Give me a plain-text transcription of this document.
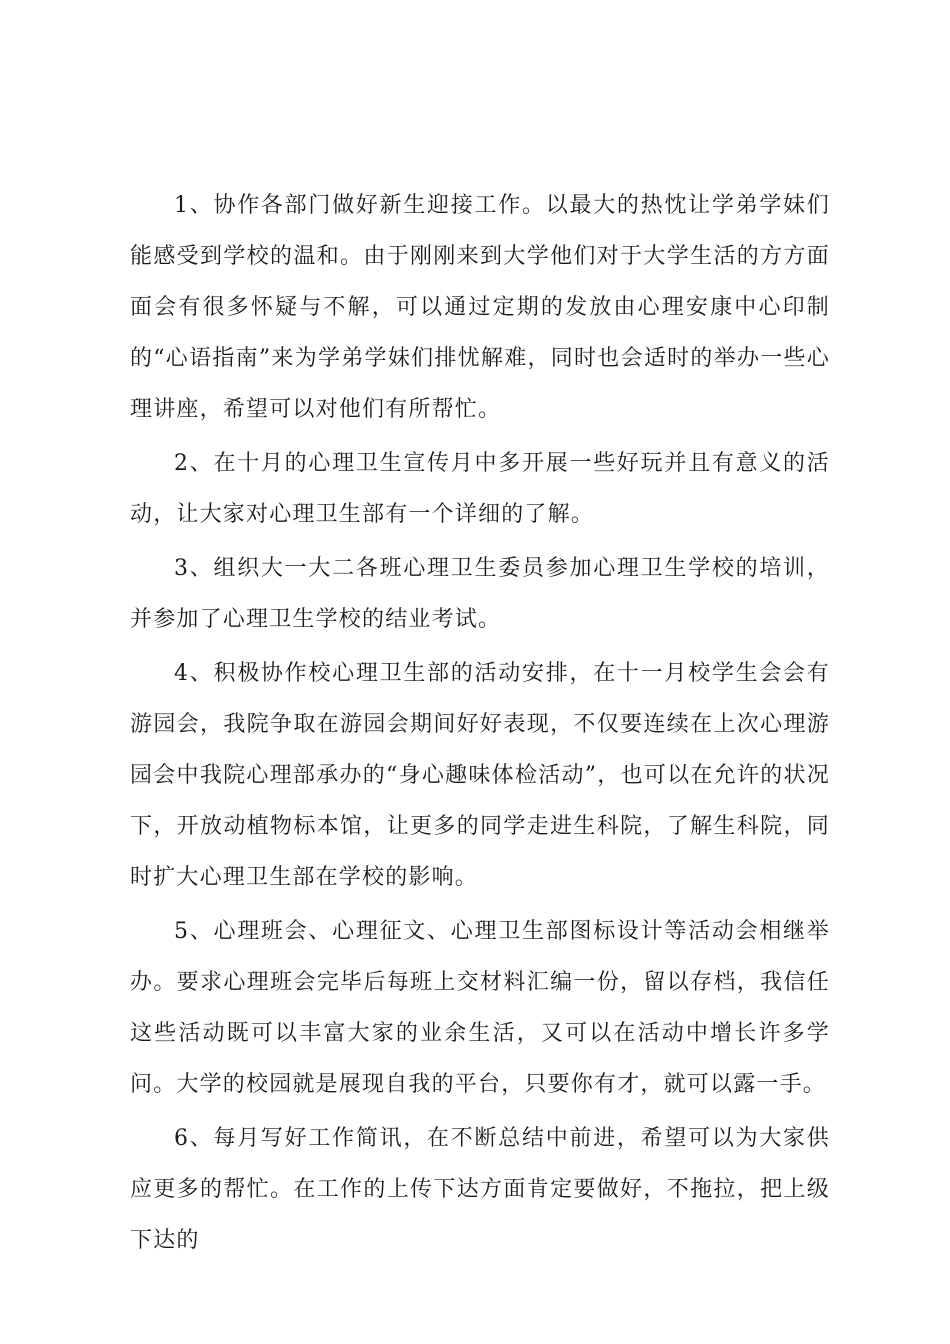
1、协作各部门做好新生迎接工作。以最大的热忱让学弟学妹们能感受到学校的温和。由于刚刚来到大学他们对于大学生活的方方面面会有很多怀疑与不解，可以通过定期的发放由心理安康中心印制的“心语指南”来为学弟学妹们排忧解难，同时也会适时的举办一些心理讲座，希望可以对他们有所帮忙。

2、在十月的心理卫生宣传月中多开展一些好玩并且有意义的活动，让大家对心理卫生部有一个详细的了解。

3、组织大一大二各班心理卫生委员参加心理卫生学校的培训，并参加了心理卫生学校的结业考试。

4、积极协作校心理卫生部的活动安排，在十一月校学生会会有游园会，我院争取在游园会期间好好表现，不仅要连续在上次心理游园会中我院心理部承办的“身心趣味体检活动”，也可以在允许的状况下，开放动植物标本馆，让更多的同学走进生科院，了解生科院，同时扩大心理卫生部在学校的影响。

5、心理班会、心理征文、心理卫生部图标设计等活动会相继举办。要求心理班会完毕后每班上交材料汇编一份，留以存档，我信任这些活动既可以丰富大家的业余生活，又可以在活动中增长许多学问。大学的校园就是展现自我的平台，只要你有才，就可以露一手。

6、每月写好工作简讯，在不断总结中前进，希望可以为大家供应更多的帮忙。在工作的上传下达方面肯定要做好，不拖拉，把上级下达的
